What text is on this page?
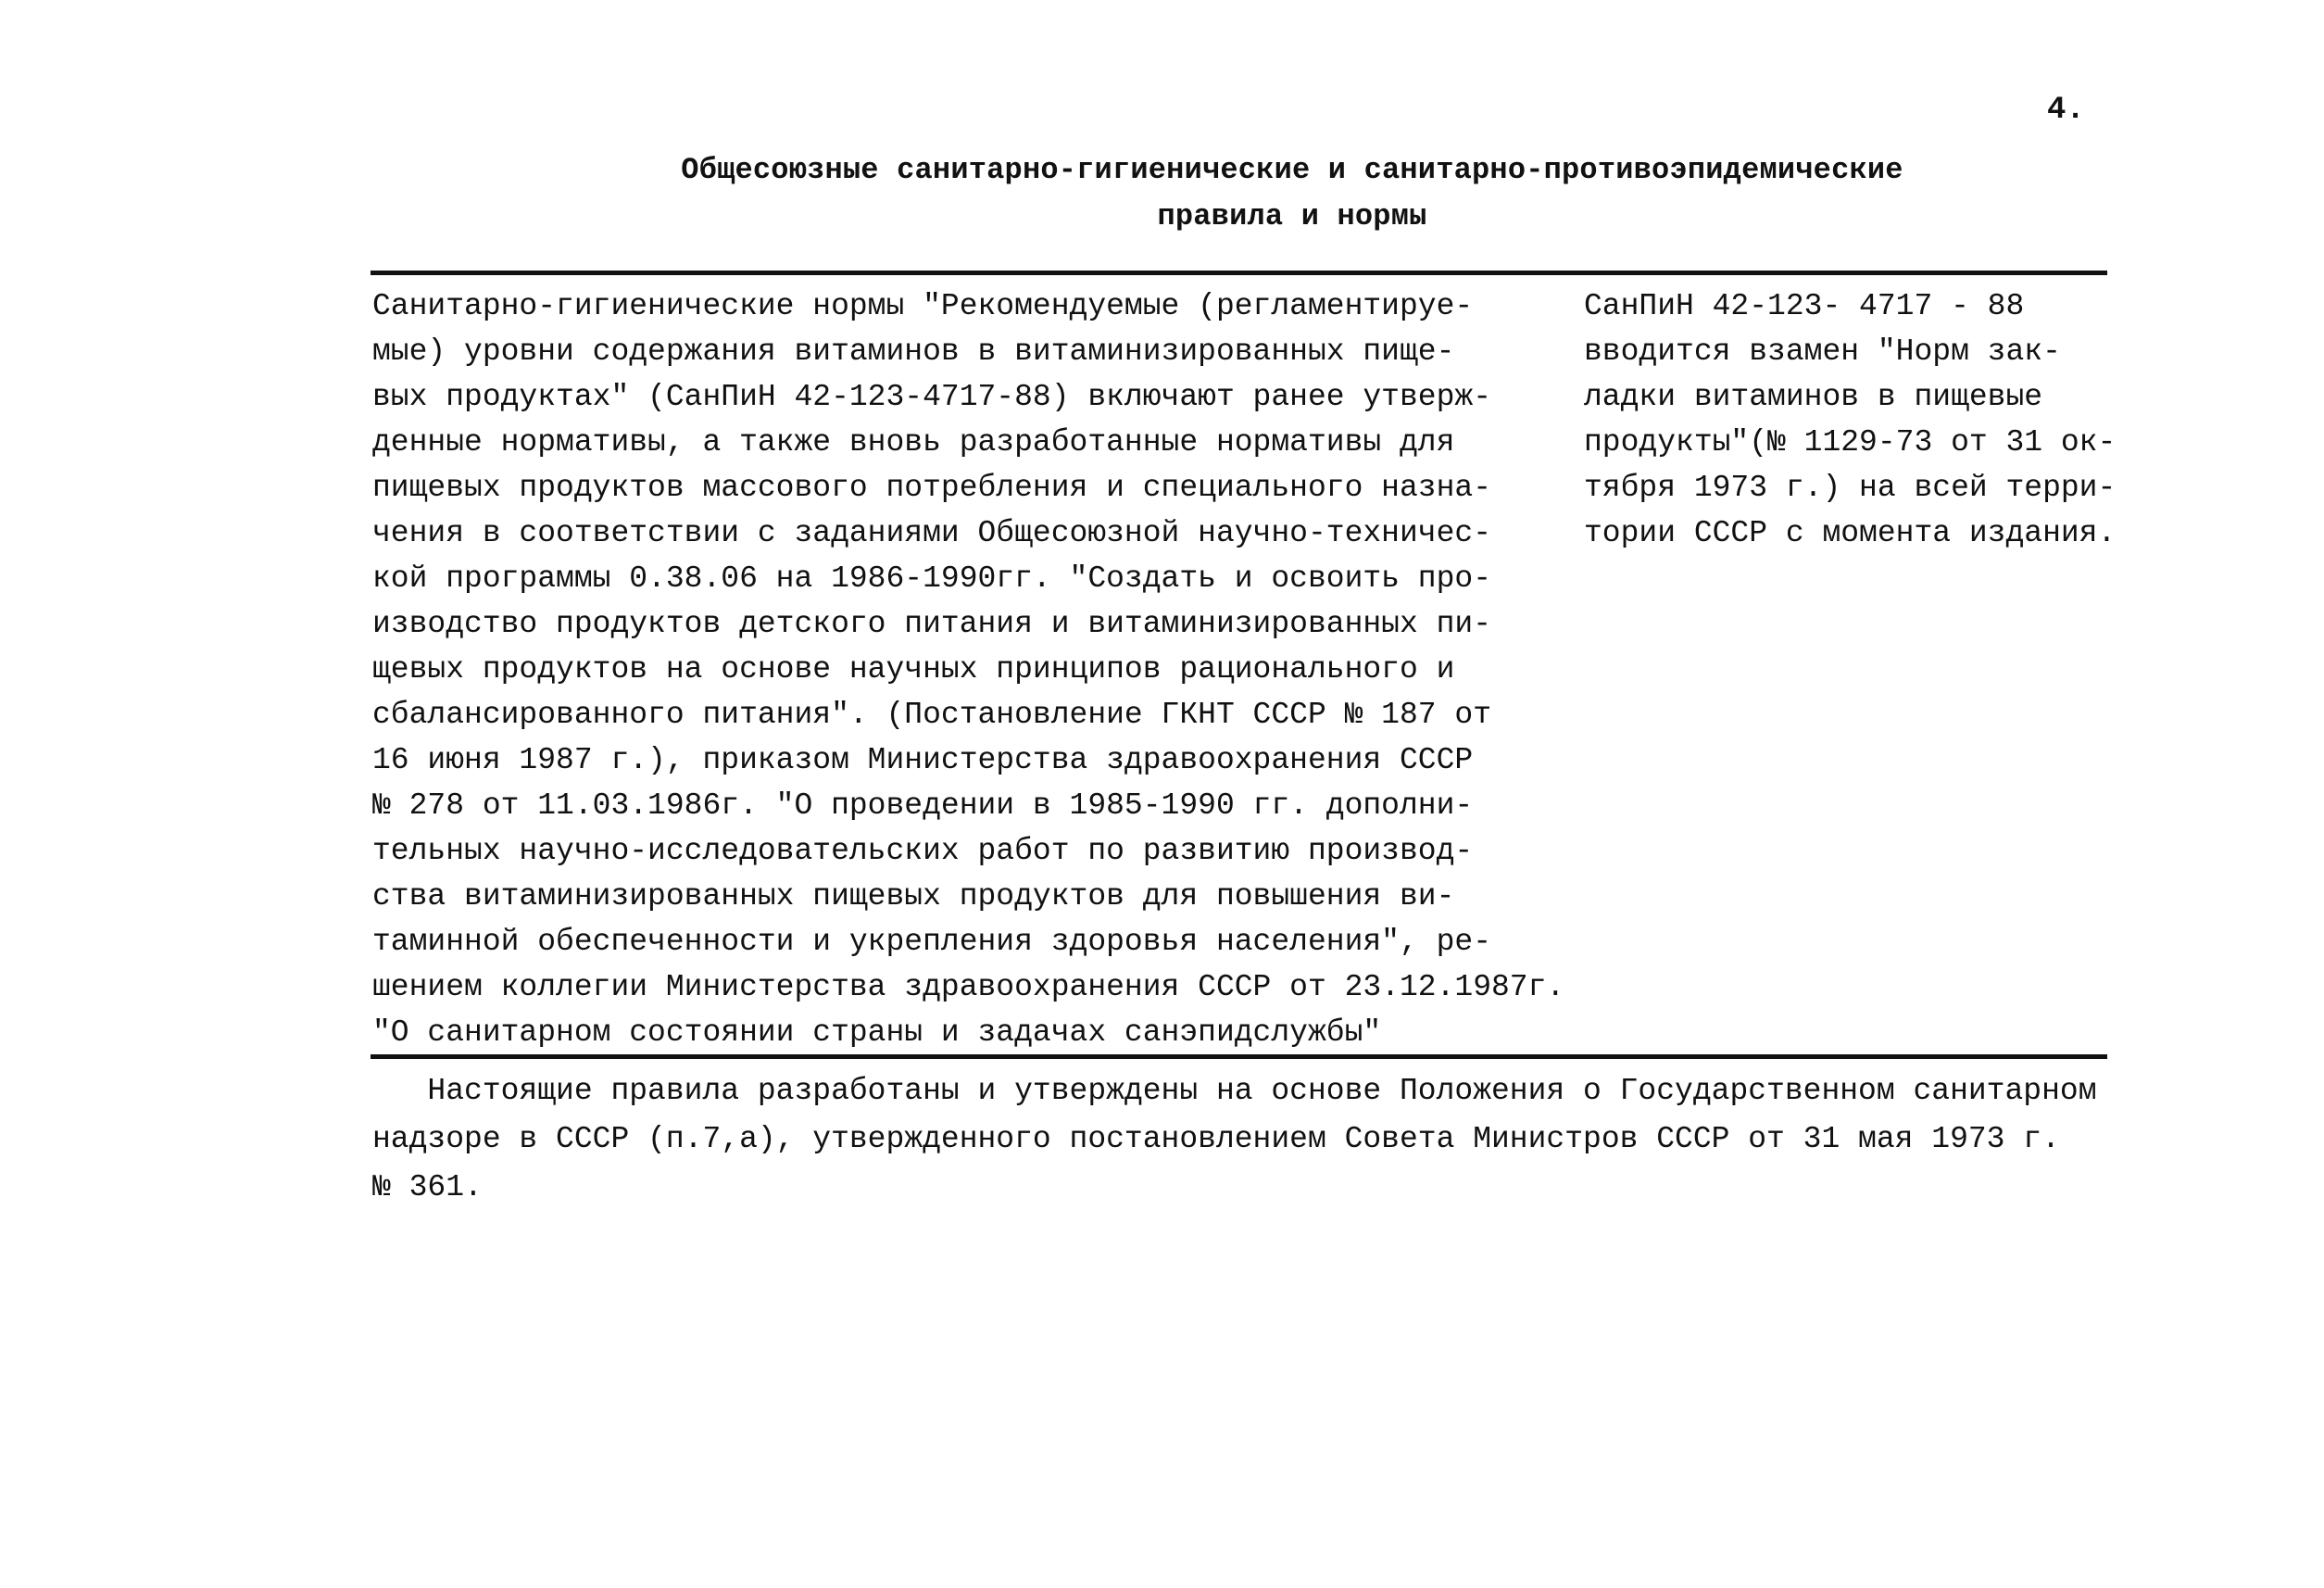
4.
Общесоюзные санитарно-гигиенические и санитарно-противоэпидемические
правила и нормы
Санитарно-гигиенические нормы "Рекомендуемые (регламентируе-
мые) уровни содержания витаминов в витаминизированных пище-
вых продуктах" (СанПиН 42-123-4717-88) включают ранее утверж-
денные нормативы, а также вновь разработанные нормативы для
пищевых продуктов массового потребления и специального назна-
чения в соответствии с заданиями Общесоюзной научно-техничес-
кой программы 0.38.06 на 1986-1990гг. "Создать и освоить про-
изводство продуктов детского питания и витаминизированных пи-
щевых продуктов на основе научных принципов рационального и
сбалансированного питания". (Постановление ГКНТ СССР № 187 от
16 июня 1987 г.), приказом Министерства здравоохранения СССР
№ 278 от 11.03.1986г. "О проведении в 1985-1990 гг. дополни-
тельных научно-исследовательских работ по развитию производ-
ства витаминизированных пищевых продуктов для повышения ви-
таминной обеспеченности и укрепления здоровья населения", ре-
шением коллегии Министерства здравоохранения СССР от 23.12.1987г.
"О санитарном состоянии страны и задачах санэпидслужбы"
СанПиН 42-123- 4717 - 88
вводится взамен "Норм зак-
ладки витаминов в пищевые
продукты"(№ 1129-73 от 31 ок-
тября 1973 г.) на всей терри-
тории СССР с момента издания.
Настоящие правила разработаны и утверждены на основе Положения о Государственном санитарном
надзоре в СССР (п.7,а), утвержденного постановлением Совета Министров СССР от 31 мая 1973 г.
№ 361.
